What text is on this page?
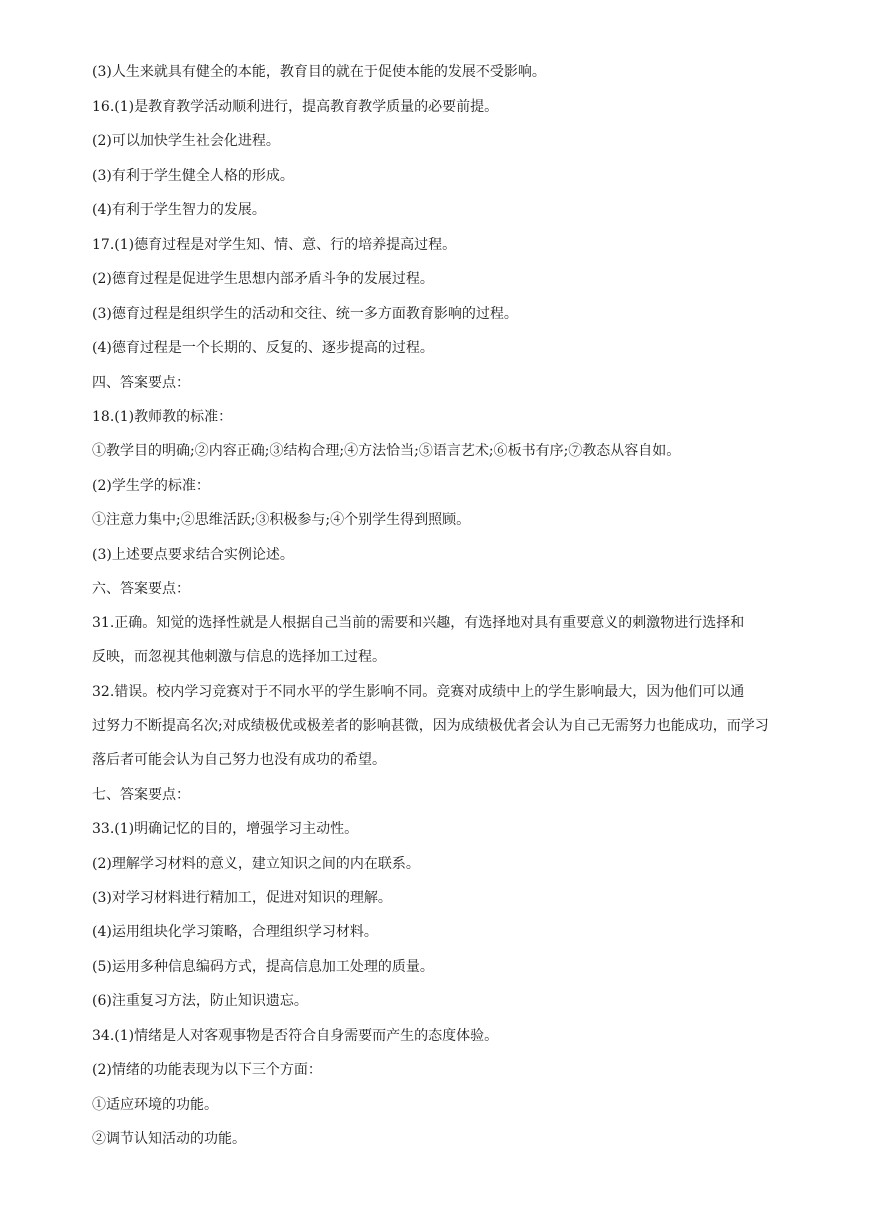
(3)人生来就具有健全的本能，教育目的就在于促使本能的发展不受影响。
16.(1)是教育教学活动顺利进行，提高教育教学质量的必要前提。
(2)可以加快学生社会化进程。
(3)有利于学生健全人格的形成。
(4)有利于学生智力的发展。
17.(1)德育过程是对学生知、情、意、行的培养提高过程。
(2)德育过程是促进学生思想内部矛盾斗争的发展过程。
(3)德育过程是组织学生的活动和交往、统一多方面教育影响的过程。
(4)德育过程是一个长期的、反复的、逐步提高的过程。
四、答案要点：
18.(1)教师教的标准：
①教学目的明确;②内容正确;③结构合理;④方法恰当;⑤语言艺术;⑥板书有序;⑦教态从容自如。
(2)学生学的标准：
①注意力集中;②思维活跃;③积极参与;④个别学生得到照顾。
(3)上述要点要求结合实例论述。
六、答案要点：
31.正确。知觉的选择性就是人根据自己当前的需要和兴趣，有选择地对具有重要意义的刺激物进行选择和
反映，而忽视其他刺激与信息的选择加工过程。
32.错误。校内学习竞赛对于不同水平的学生影响不同。竞赛对成绩中上的学生影响最大，因为他们可以通
过努力不断提高名次;对成绩极优或极差者的影响甚微，因为成绩极优者会认为自己无需努力也能成功，而学习
落后者可能会认为自己努力也没有成功的希望。
七、答案要点：
33.(1)明确记忆的目的，增强学习主动性。
(2)理解学习材料的意义，建立知识之间的内在联系。
(3)对学习材料进行精加工，促进对知识的理解。
(4)运用组块化学习策略，合理组织学习材料。
(5)运用多种信息编码方式，提高信息加工处理的质量。
(6)注重复习方法，防止知识遗忘。
34.(1)情绪是人对客观事物是否符合自身需要而产生的态度体验。
(2)情绪的功能表现为以下三个方面：
①适应环境的功能。
②调节认知活动的功能。
